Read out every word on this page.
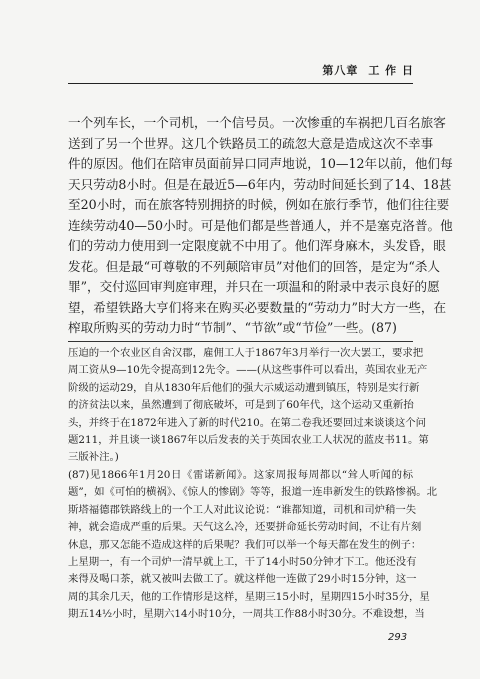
第八章 工 作 日

一个列车长，一个司机，一个信号员。一次惨重的车祸把几百名旅客
送到了另一个世界。这几个铁路员工的疏忽大意是造成这次不幸事
件的原因。他们在陪审员面前异口同声地说，10—12年以前，他们每
天只劳动8小时。但是在最近5—6年内，劳动时间延长到了14、18甚
至20小时，而在旅客特别拥挤的时候，例如在旅行季节，他们往往要
连续劳动40—50小时。可是他们都是些普通人，并不是塞克洛普。他
们的劳动力使用到一定限度就不中用了。他们浑身麻木，头发昏，眼
发花。但是最“可尊敬的不列颠陪审员”对他们的回答，是定为“杀人
罪”，交付巡回审判庭审理，并只在一项温和的附录中表示良好的愿
望，希望铁路大亨们将来在购买必要数量的“劳动力”时大方一些，在
榨取所购买的劳动力时“节制”、“节欲”或“节俭”一些。(87)

压迫的一个农业区自舍汉郡，雇佣工人于1867年3月举行一次大罢工，要求把
周工资从9—10先令提高到12先令。——(从这些事件可以看出，英国农业无产
阶级的运动29，自从1830年后他们的强大示威运动遭到镇压，特别是实行新
的济贫法以来，虽然遭到了彻底破坏，可是到了60年代，这个运动又重新抬
头，并终于在1872年进入了新的时代210。在第二卷我还要回过来谈谈这个问
题211，并且谈一谈1867年以后发表的关于英国农业工人状况的蓝皮书11。第
三版补注。)

(87)见1866年1月20日《雷诺新闻》。这家周报每周都以“耸人听闻的标
题”，如《可怕的横祸》、《惊人的惨剧》等等，报道一连串新发生的铁路惨祸。北
斯塔福德郡铁路线上的一个工人对此议论说：“谁都知道，司机和司炉稍一失
神，就会造成严重的后果。天气这么冷，还要拼命延长劳动时间，不让有片刻
休息，那又怎能不造成这样的后果呢？我们可以举一个每天都在发生的例子：
上星期一，有一个司炉一清早就上工，干了14小时50分钟才下工。他还没有
来得及喝口茶，就又被叫去做工了。就这样他一连做了29小时15分钟，这一
周的其余几天，他的工作情形是这样，星期三15小时，星期四15小时35分，星
期五14½小时，星期六14小时10分，一周共工作88小时30分。不难设想，当

293
